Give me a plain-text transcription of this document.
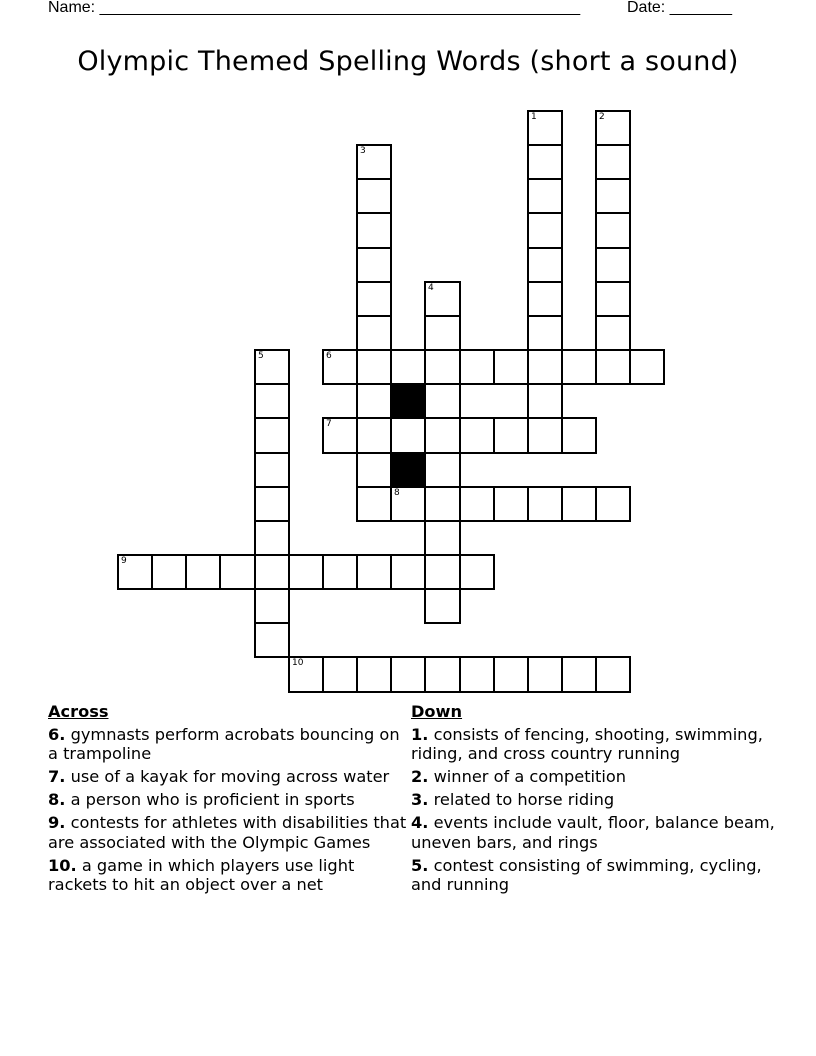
Name: ______________________________________________________	Date: _______
Olympic Themed Spelling Words (short a sound)
6
7
8
9
10
1	2
3
4
5
Across
6. gymnasts perform acrobats bouncing on a trampoline
7. use of a kayak for moving across water
8. a person who is proficient in sports
9. contests for athletes with disabilities that are associated with the Olympic Games
10. a game in which players use light rackets to hit an object over a net
Down
1. consists of fencing, shooting, swimming, riding, and cross country running
2. winner of a competition
3. related to horse riding
4. events include vault, floor, balance beam, uneven bars, and rings
5. contest consisting of swimming, cycling, and running
